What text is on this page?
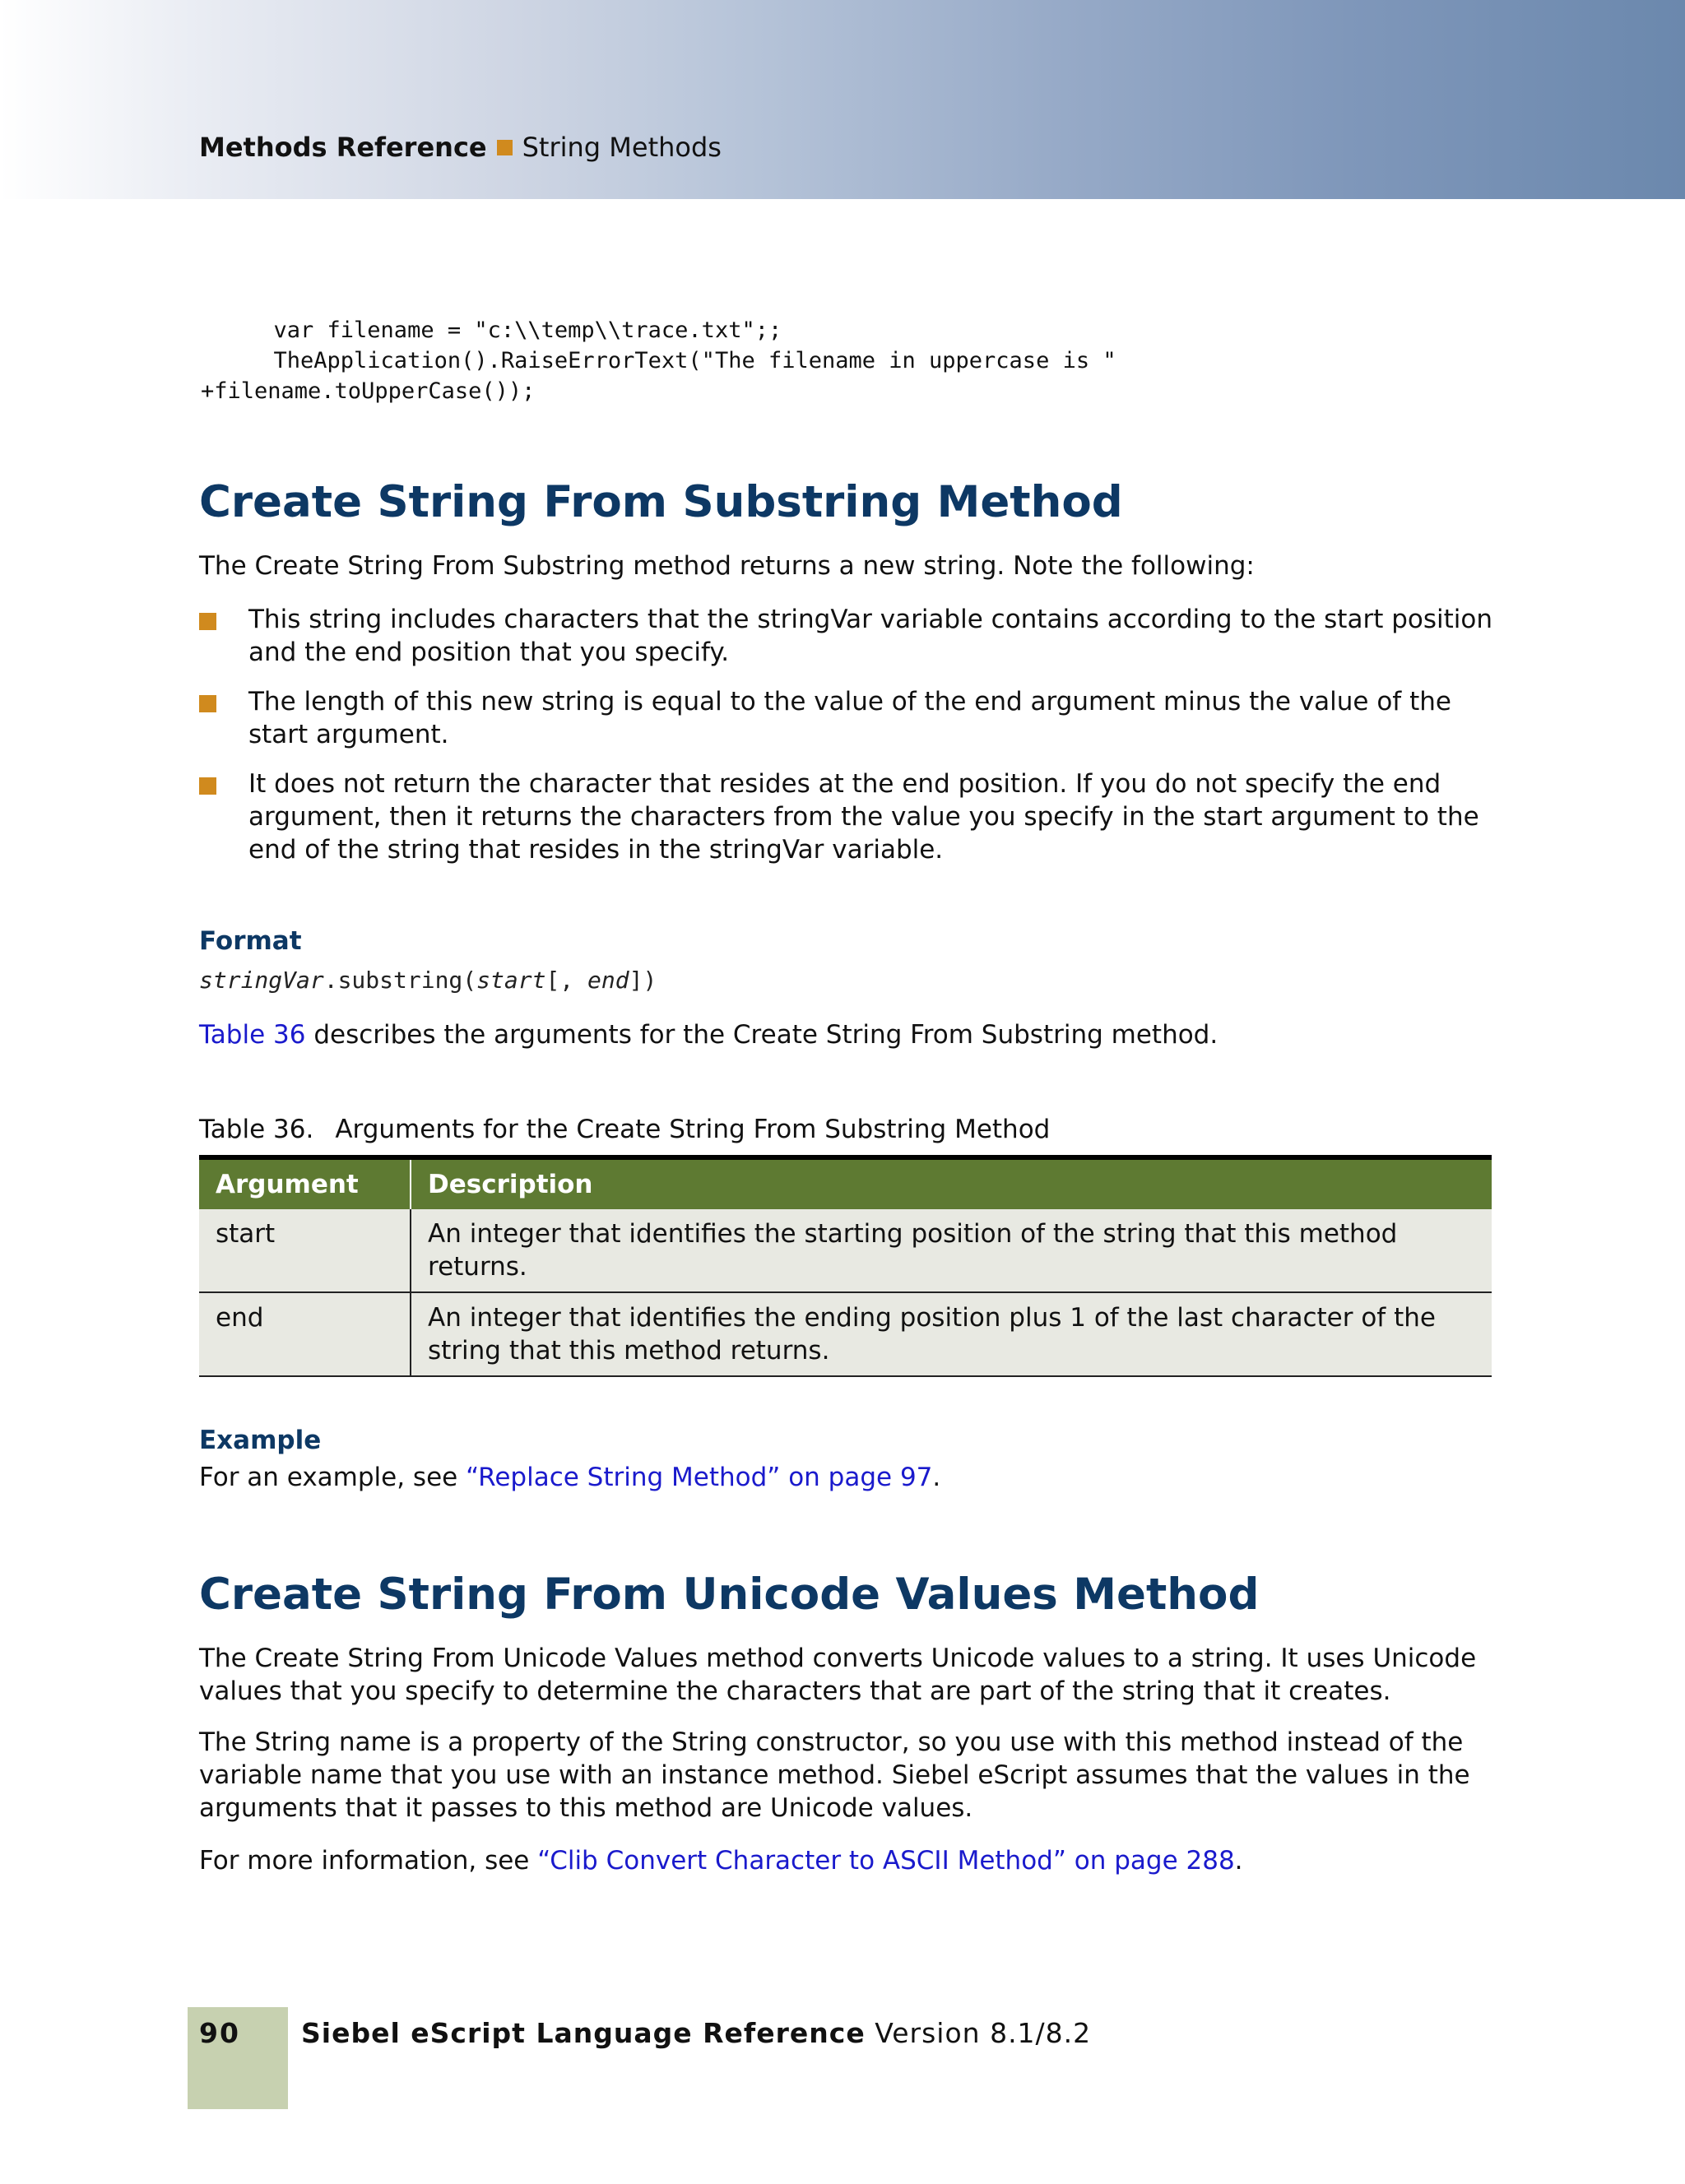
Methods Reference String Methods
var filename = "c:\\temp\\trace.txt";;
TheApplication().RaiseErrorText("The filename in uppercase is "
+filename.toUpperCase());
Create String From Substring Method

The Create String From Substring method returns a new string. Note the following:

This string includes characters that the stringVar variable contains according to the start position and the end position that you specify.
The length of this new string is equal to the value of the end argument minus the value of the start argument.
It does not return the character that resides at the end position. If you do not specify the end argument, then it returns the characters from the value you specify in the start argument to the end of the string that resides in the stringVar variable.
Format
stringVar.substring(start[, end])

Table 36 describes the arguments for the Create String From Substring method.

Table 36. Arguments for the Create String From Substring Method
Argument	Description
start	An integer that identifies the starting position of the string that this method returns.
end	An integer that identifies the ending position plus 1 of the last character of the string that this method returns.
Example

For an example, see “Replace String Method” on page 97.

Create String From Unicode Values Method

The Create String From Unicode Values method converts Unicode values to a string. It uses Unicode values that you specify to determine the characters that are part of the string that it creates.

The String name is a property of the String constructor, so you use with this method instead of the variable name that you use with an instance method. Siebel eScript assumes that the values in the arguments that it passes to this method are Unicode values.

For more information, see “Clib Convert Character to ASCII Method” on page 288.

90 Siebel eScript Language Reference Version 8.1/8.2
